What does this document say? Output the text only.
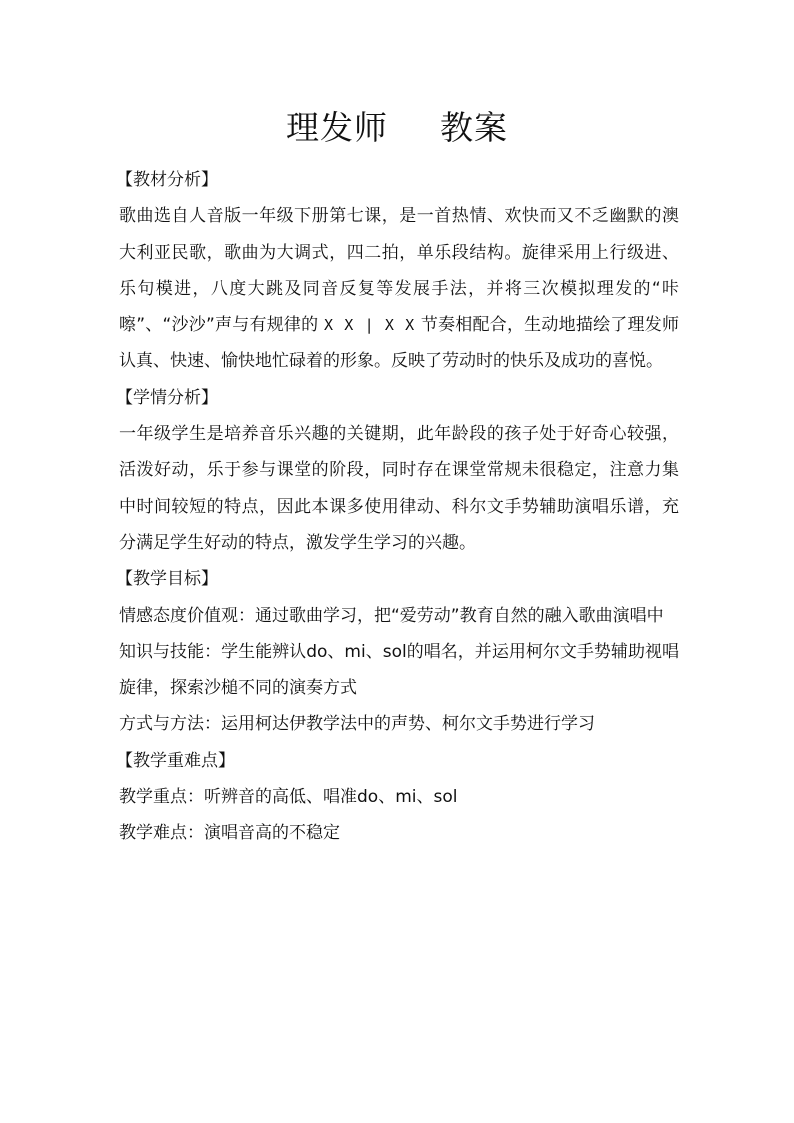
理发师 教案

【教材分析】

歌曲选自人音版一年级下册第七课，是一首热情、欢快而又不乏幽默的澳大利亚民歌，歌曲为大调式，四二拍，单乐段结构。旋律采用上行级进、乐句模进，八度大跳及同音反复等发展手法，并将三次模拟理发的“咔嚓”、“沙沙”声与有规律的 X X | X X 节奏相配合，生动地描绘了理发师认真、快速、愉快地忙碌着的形象。反映了劳动时的快乐及成功的喜悦。

【学情分析】

一年级学生是培养音乐兴趣的关键期，此年龄段的孩子处于好奇心较强，活泼好动，乐于参与课堂的阶段，同时存在课堂常规未很稳定，注意力集中时间较短的特点，因此本课多使用律动、科尔文手势辅助演唱乐谱，充分满足学生好动的特点，激发学生学习的兴趣。

【教学目标】

情感态度价值观：通过歌曲学习，把“爱劳动”教育自然的融入歌曲演唱中

知识与技能：学生能辨认do、mi、sol的唱名，并运用柯尔文手势辅助视唱旋律，探索沙槌不同的演奏方式

方式与方法：运用柯达伊教学法中的声势、柯尔文手势进行学习

【教学重难点】

教学重点：听辨音的高低、唱准do、mi、sol

教学难点：演唱音高的不稳定
